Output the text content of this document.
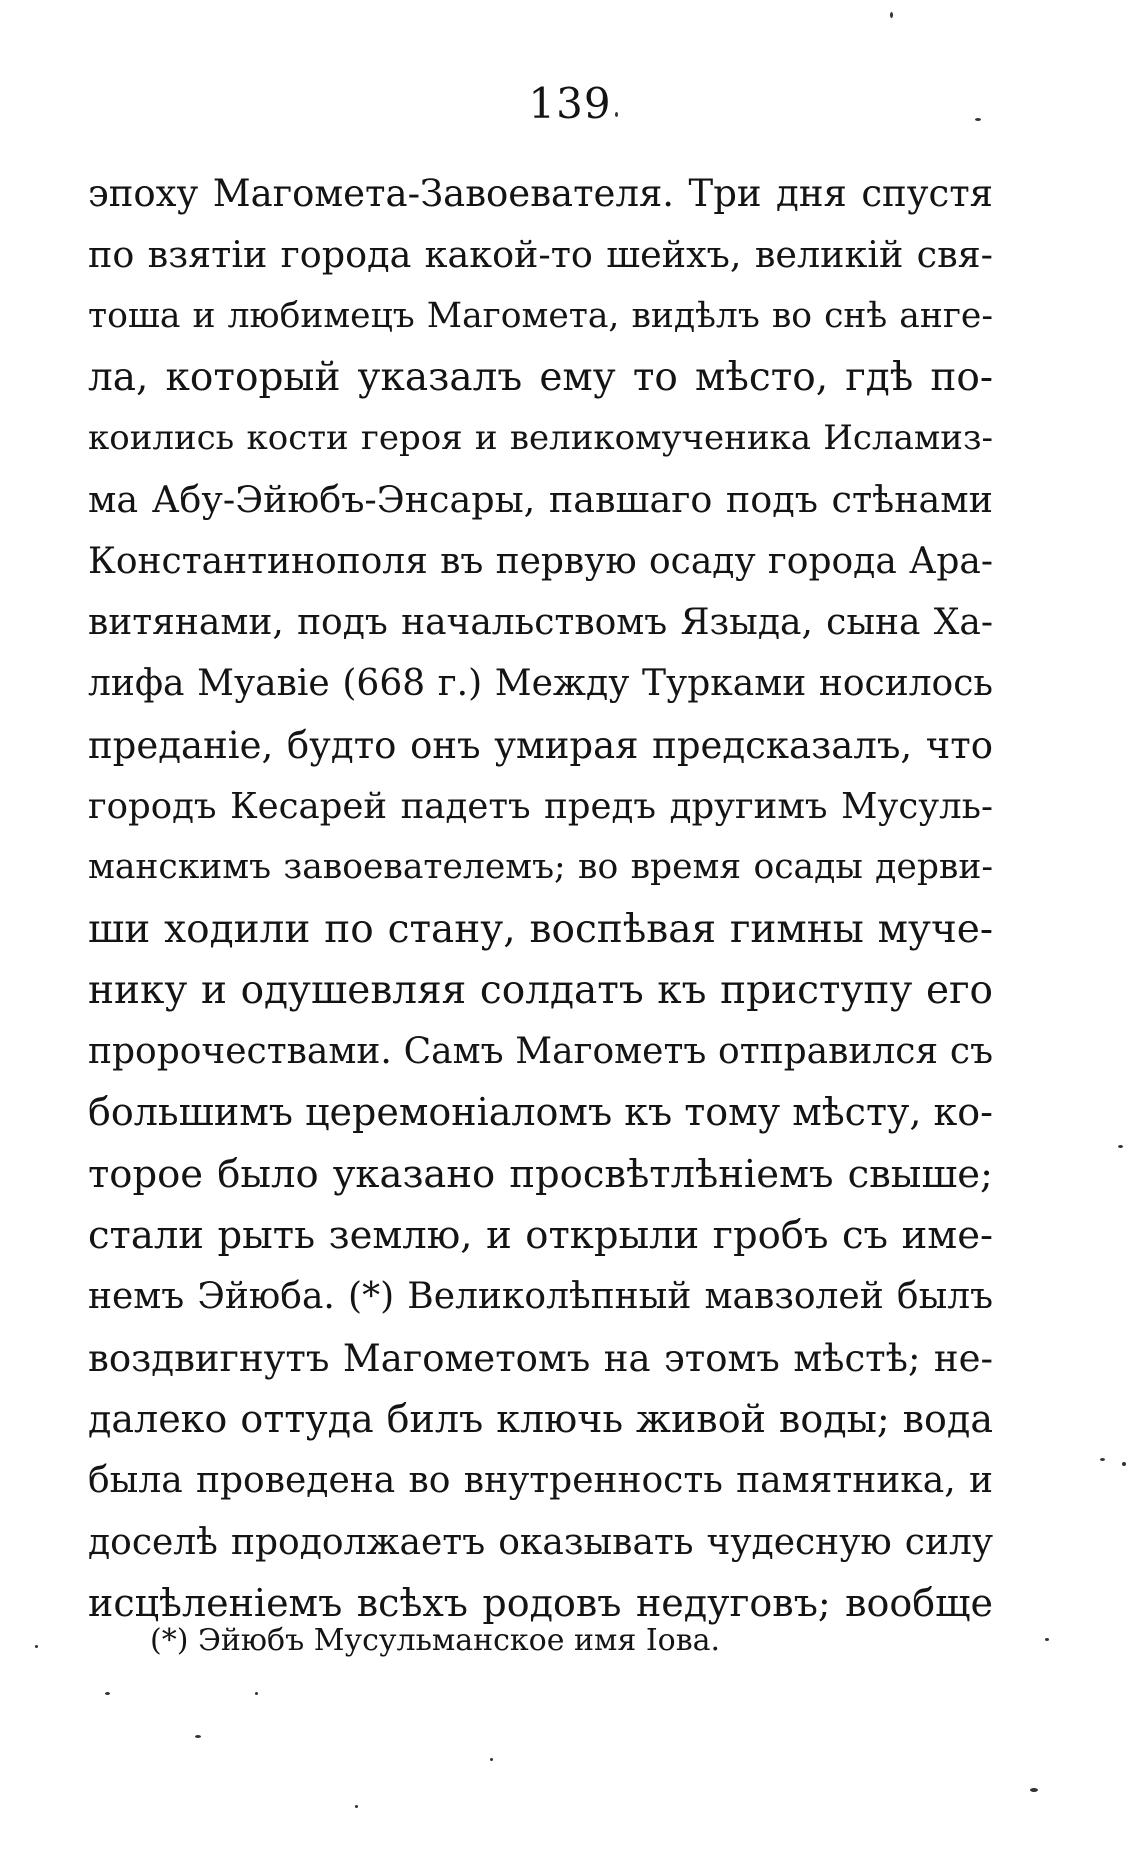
139
эпоху Магомета-Завоевателя. Три дня спустя
по взятіи города какой-то шейхъ, великій свя-
тоша и любимецъ Магомета, видѣлъ во снѣ анге-
ла, который указалъ ему то мѣсто, гдѣ по-
коились кости героя и великомученика Исламиз-
ма Абу-Эйюбъ-Энсары, павшаго подъ стѣнами
Константинополя въ первую осаду города Ара-
витянами, подъ начальствомъ Языда, сына Ха-
лифа Муавіе (668 г.) Между Турками носилось
преданіе, будто онъ умирая предсказалъ, что
городъ Кесарей падетъ предъ другимъ Мусуль-
манскимъ завоевателемъ; во время осады дерви-
ши ходили по стану, воспѣвая гимны муче-
нику и одушевляя солдатъ къ приступу его
пророчествами. Самъ Магометъ отправился съ
большимъ церемоніаломъ къ тому мѣсту, ко-
торое было указано просвѣтлѣніемъ свыше;
стали рыть землю, и открыли гробъ съ име-
немъ Эйюба. (*) Великолѣпный мавзолей былъ
воздвигнутъ Магометомъ на этомъ мѣстѣ; не-
далеко оттуда билъ ключь живой воды; вода
была проведена во внутренность памятника, и
доселѣ продолжаетъ оказывать чудесную силу
исцѣленіемъ всѣхъ родовъ недуговъ; вообще
(*) Эйюбъ Мусульманское имя Іова.
